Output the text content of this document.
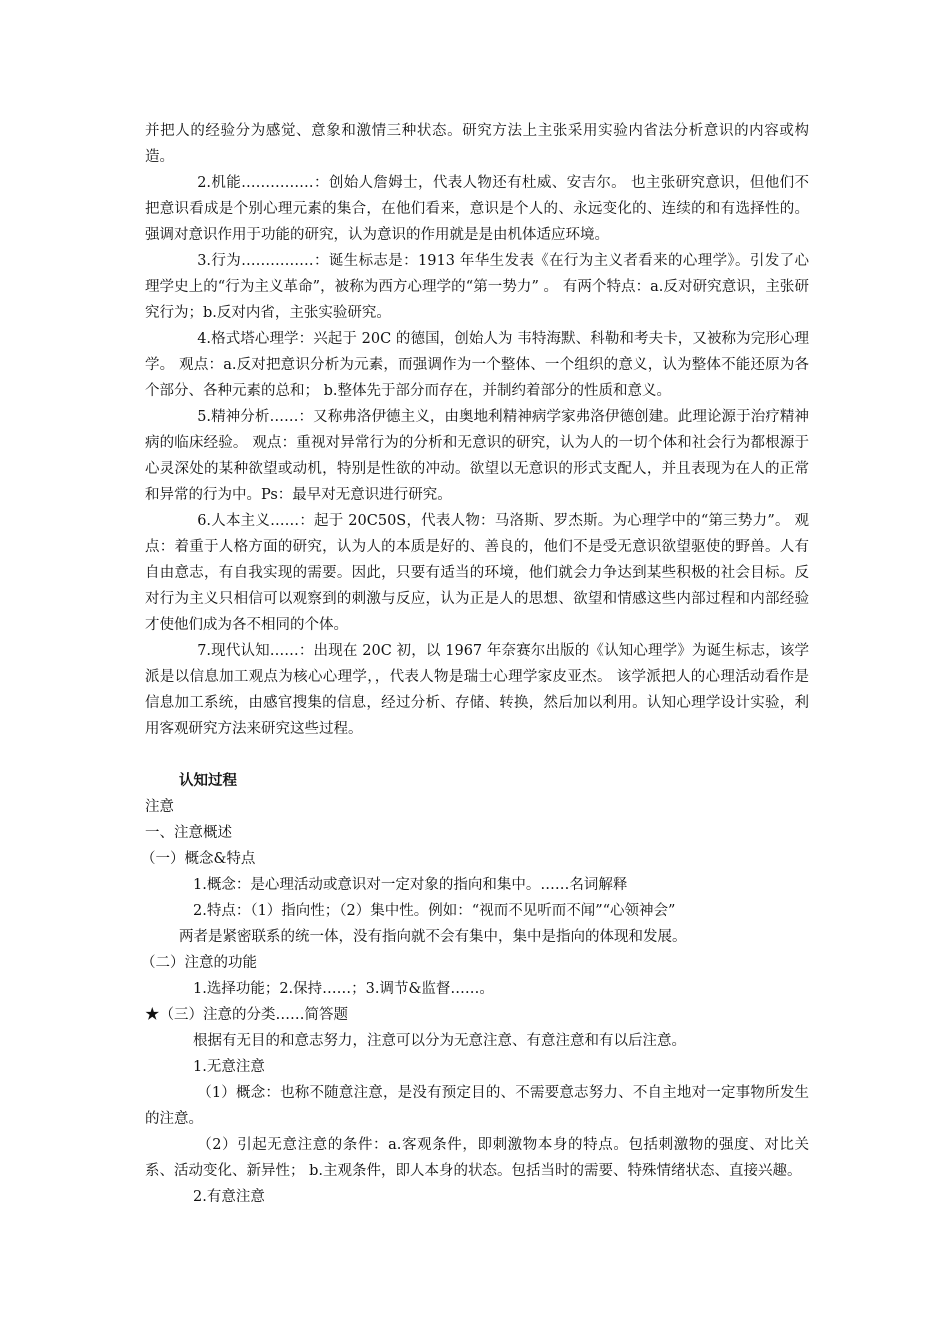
并把人的经验分为感觉、意象和激情三种状态。研究方法上主张采用实验内省法分析意识的内容或构造。

2.机能……………：创始人詹姆士，代表人物还有杜威、安吉尔。 也主张研究意识，但他们不把意识看成是个别心理元素的集合，在他们看来，意识是个人的、永远变化的、连续的和有选择性的。强调对意识作用于功能的研究，认为意识的作用就是是由机体适应环境。

3.行为……………：诞生标志是：1913 年华生发表《在行为主义者看来的心理学》。引发了心理学史上的“行为主义革命”，被称为西方心理学的“第一势力” 。 有两个特点：a.反对研究意识，主张研究行为；b.反对内省，主张实验研究。

4.格式塔心理学：兴起于 20C 的德国，创始人为 韦特海默、科勒和考夫卡，又被称为完形心理学。 观点：a.反对把意识分析为元素，而强调作为一个整体、一个组织的意义，认为整体不能还原为各个部分、各种元素的总和； b.整体先于部分而存在，并制约着部分的性质和意义。

5.精神分析……：又称弗洛伊德主义，由奥地利精神病学家弗洛伊德创建。此理论源于治疗精神病的临床经验。 观点：重视对异常行为的分析和无意识的研究，认为人的一切个体和社会行为都根源于心灵深处的某种欲望或动机，特别是性欲的冲动。欲望以无意识的形式支配人，并且表现为在人的正常和异常的行为中。Ps：最早对无意识进行研究。

6.人本主义……：起于 20C50S，代表人物：马洛斯、罗杰斯。为心理学中的“第三势力”。 观点：着重于人格方面的研究，认为人的本质是好的、善良的，他们不是受无意识欲望驱使的野兽。人有自由意志，有自我实现的需要。因此，只要有适当的环境，他们就会力争达到某些积极的社会目标。反对行为主义只相信可以观察到的刺激与反应，认为正是人的思想、欲望和情感这些内部过程和内部经验才使他们成为各不相同的个体。

7.现代认知……：出现在 20C 初，以 1967 年奈赛尔出版的《认知心理学》为诞生标志，该学派是以信息加工观点为核心心理学，，代表人物是瑞士心理学家皮亚杰。 该学派把人的心理活动看作是信息加工系统，由感官搜集的信息，经过分析、存储、转换，然后加以利用。认知心理学设计实验，利用客观研究方法来研究这些过程。

认知过程

注意

一、注意概述

（一）概念&特点

1.概念：是心理活动或意识对一定对象的指向和集中。……名词解释

2.特点：（1）指向性；（2）集中性。例如：“视而不见听而不闻”“心领神会”

两者是紧密联系的统一体，没有指向就不会有集中，集中是指向的体现和发展。

（二）注意的功能

1.选择功能；2.保持……；3.调节&监督……。

★（三）注意的分类……简答题

根据有无目的和意志努力，注意可以分为无意注意、有意注意和有以后注意。

1.无意注意

（1）概念：也称不随意注意，是没有预定目的、不需要意志努力、不自主地对一定事物所发生的注意。

（2）引起无意注意的条件：a.客观条件，即刺激物本身的特点。包括刺激物的强度、对比关系、活动变化、新异性； b.主观条件，即人本身的状态。包括当时的需要、特殊情绪状态、直接兴趣。

2.有意注意
